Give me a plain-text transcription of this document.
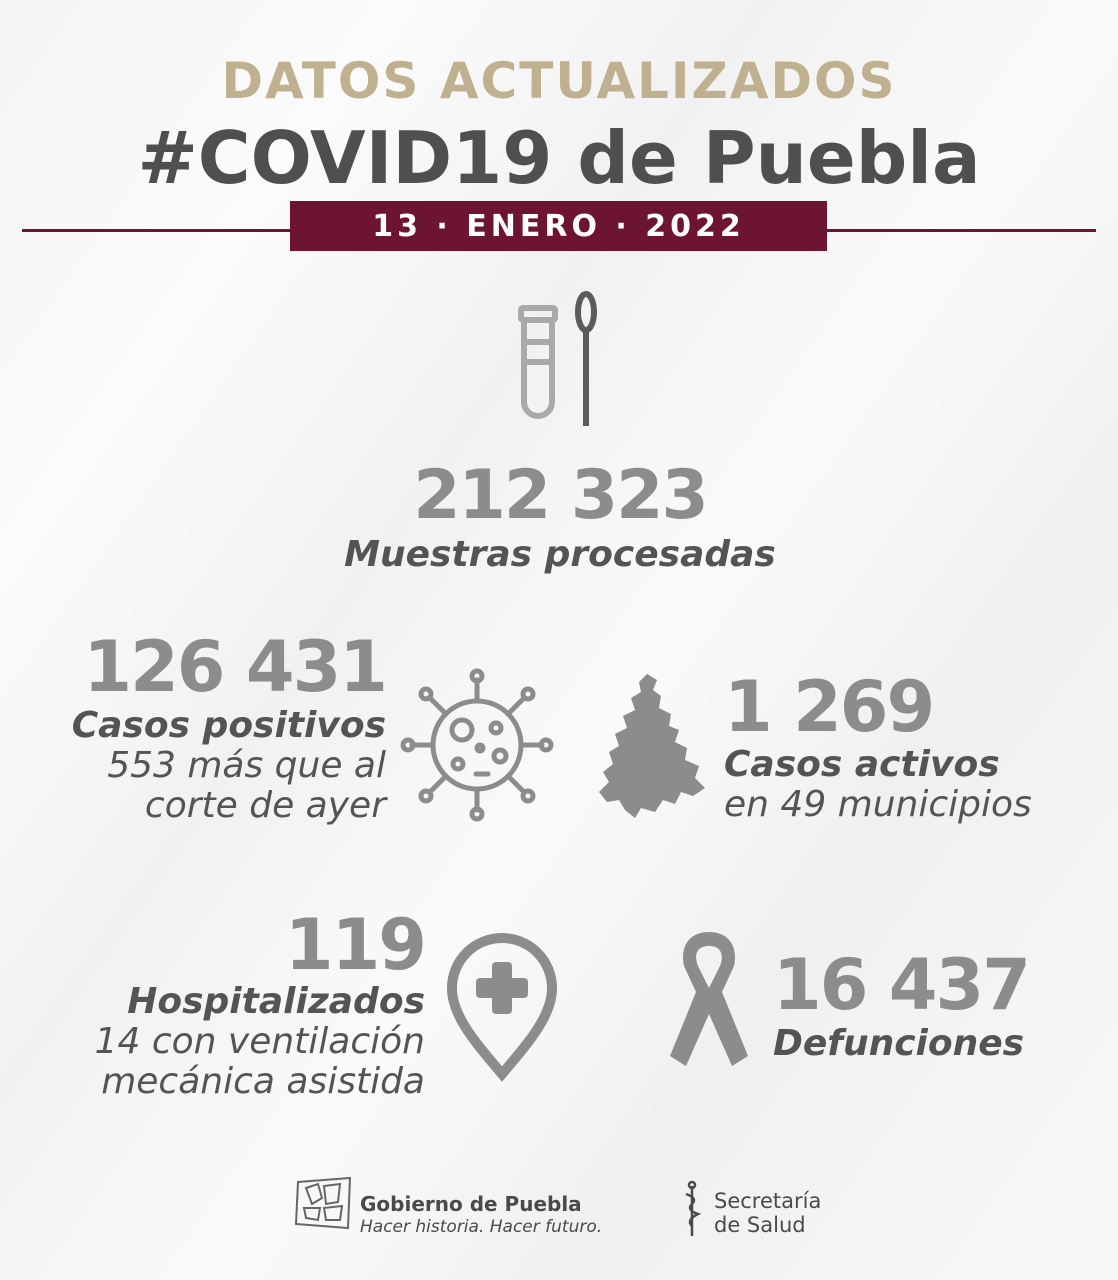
DATOS ACTUALIZADOS
#COVID19 de Puebla
13 · ENERO · 2022
212 323
Muestras procesadas
126 431
Casos positivos
553 más que al
corte de ayer
1 269
Casos activos
en 49 municipios
119
Hospitalizados
14 con ventilación
mecánica asistida
16 437
Defunciones
Gobierno de Puebla
Hacer historia. Hacer futuro.
Secretaría
de Salud
